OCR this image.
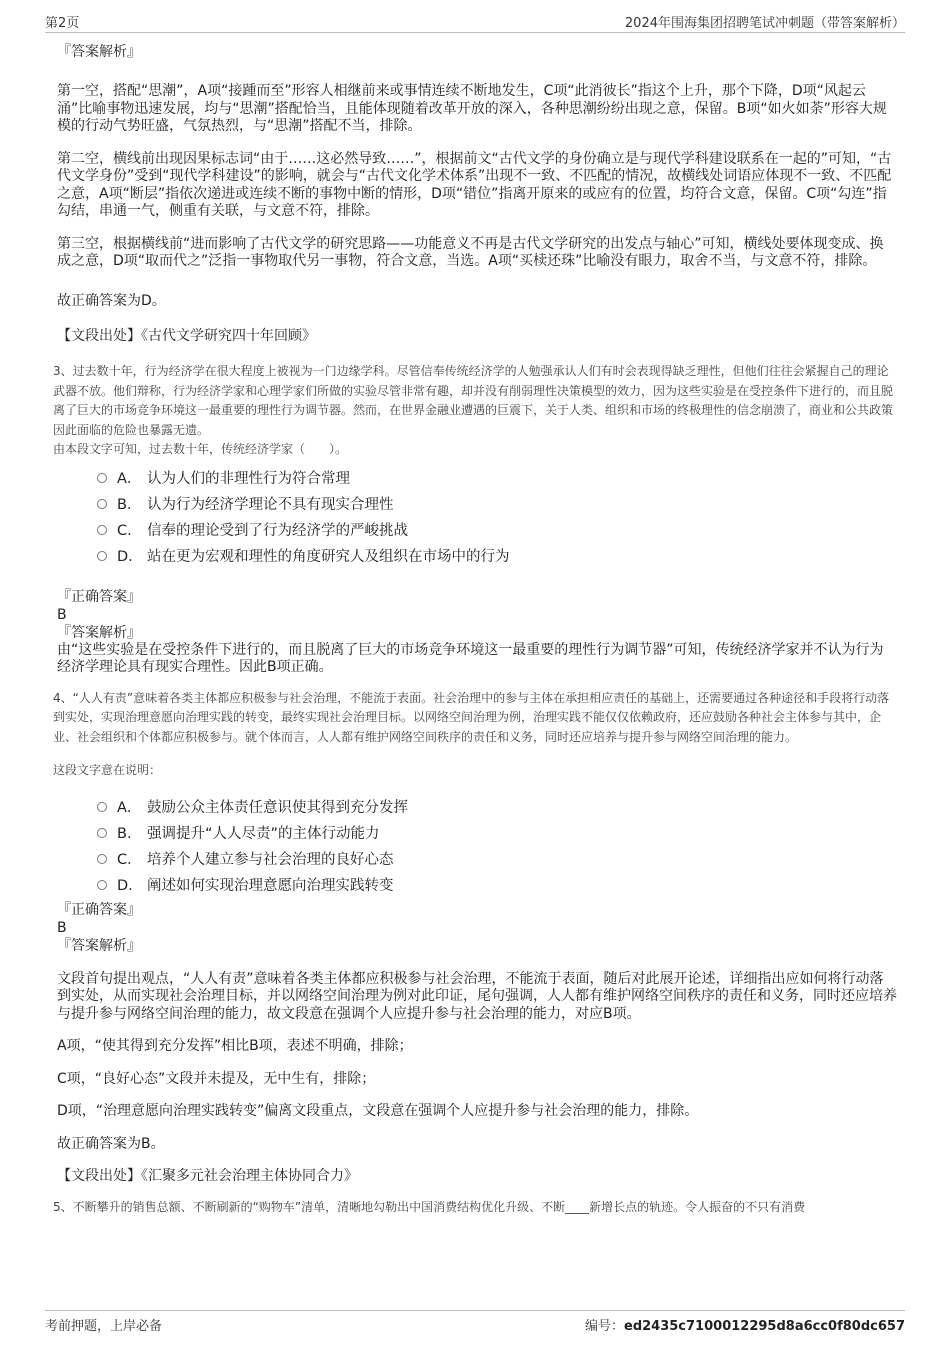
第2页	2024年围海集团招聘笔试冲刺题（带答案解析）

『答案解析』

第一空，搭配“思潮”，A项“接踵而至”形容人相继前来或事情连续不断地发生，C项“此消彼长”指这个上升，那个下降，D项“风起云涌”比喻事物迅速发展，均与“思潮”搭配恰当，且能体现随着改革开放的深入，各种思潮纷纷出现之意，保留。B项“如火如荼”形容大规模的行动气势旺盛，气氛热烈，与“思潮”搭配不当，排除。

第二空，横线前出现因果标志词“由于……这必然导致……”，根据前文“古代文学的身份确立是与现代学科建设联系在一起的”可知，“古代文学身份”受到“现代学科建设”的影响，就会与“古代文化学术体系”出现不一致、不匹配的情况，故横线处词语应体现不一致、不匹配之意，A项“断层”指依次递进或连续不断的事物中断的情形，D项“错位”指离开原来的或应有的位置，均符合文意，保留。C项“勾连”指勾结，串通一气，侧重有关联，与文意不符，排除。

第三空，根据横线前“进而影响了古代文学的研究思路——功能意义不再是古代文学研究的出发点与轴心”可知，横线处要体现变成、换成之意，D项“取而代之”泛指一事物取代另一事物，符合文意，当选。A项“买椟还珠”比喻没有眼力，取舍不当，与文意不符，排除。

故正确答案为D。

【文段出处】《古代文学研究四十年回顾》

3、过去数十年，行为经济学在很大程度上被视为一门边缘学科。尽管信奉传统经济学的人勉强承认人们有时会表现得缺乏理性，但他们往往会紧握自己的理论武器不放。他们辩称，行为经济学家和心理学家们所做的实验尽管非常有趣，却并没有削弱理性决策模型的效力，因为这些实验是在受控条件下进行的，而且脱离了巨大的市场竞争环境这一最重要的理性行为调节器。然而，在世界金融业遭遇的巨震下，关于人类、组织和市场的终极理性的信念崩溃了，商业和公共政策因此面临的危险也暴露无遗。

由本段文字可知，过去数十年，传统经济学家（　　）。

A． 认为人们的非理性行为符合常理
B． 认为行为经济学理论不具有现实合理性
C． 信奉的理论受到了行为经济学的严峻挑战
D． 站在更为宏观和理性的角度研究人及组织在市场中的行为

『正确答案』

B

『答案解析』

由“这些实验是在受控条件下进行的，而且脱离了巨大的市场竞争环境这一最重要的理性行为调节器”可知，传统经济学家并不认为行为经济学理论具有现实合理性。因此B项正确。

4、“人人有责”意味着各类主体都应积极参与社会治理，不能流于表面。社会治理中的参与主体在承担相应责任的基础上，还需要通过各种途径和手段将行动落到实处，实现治理意愿向治理实践的转变，最终实现社会治理目标。以网络空间治理为例，治理实践不能仅仅依赖政府，还应鼓励各种社会主体参与其中，企业、社会组织和个体都应积极参与。就个体而言，人人都有维护网络空间秩序的责任和义务，同时还应培养与提升参与网络空间治理的能力。

这段文字意在说明：

A． 鼓励公众主体责任意识使其得到充分发挥
B． 强调提升“人人尽责”的主体行动能力
C． 培养个人建立参与社会治理的良好心态
D． 阐述如何实现治理意愿向治理实践转变

『正确答案』

B

『答案解析』

文段首句提出观点，“人人有责”意味着各类主体都应积极参与社会治理，不能流于表面，随后对此展开论述，详细指出应如何将行动落到实处，从而实现社会治理目标，并以网络空间治理为例对此印证，尾句强调，人人都有维护网络空间秩序的责任和义务，同时还应培养与提升参与网络空间治理的能力，故文段意在强调个人应提升参与社会治理的能力，对应B项。

A项，“使其得到充分发挥”相比B项，表述不明确，排除；

C项，“良好心态”文段并未提及，无中生有，排除；

D项，“治理意愿向治理实践转变”偏离文段重点，文段意在强调个人应提升参与社会治理的能力，排除。

故正确答案为B。

【文段出处】《汇聚多元社会治理主体协同合力》

5、不断攀升的销售总额、不断刷新的“购物车”清单，清晰地勾勒出中国消费结构优化升级、不断____新增长点的轨迹。令人振奋的不只有消费

考前押题，上岸必备	编号：ed2435c7100012295d8a6cc0f80dc657
